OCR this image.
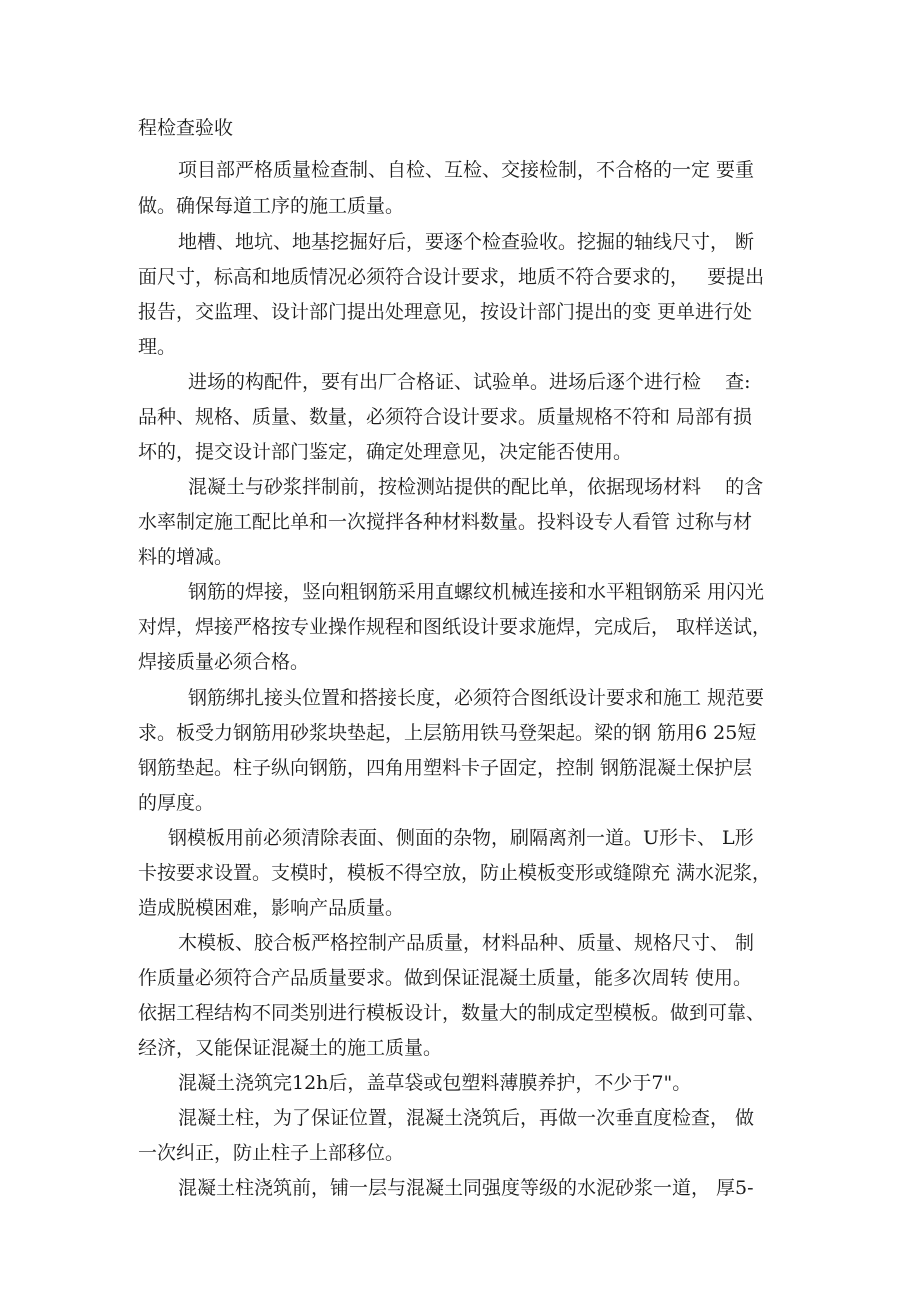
程检查验收
项目部严格质量检查制、自检、互检、交接检制，不合格的一定 要重
做。确保每道工序的施工质量。
地槽、地坑、地基挖掘好后，要逐个检查验收。挖掘的轴线尺寸， 断
面尺寸，标高和地质情况必须符合设计要求，地质不符合要求的，   要提出
报告，交监理、设计部门提出处理意见，按设计部门提出的变 更单进行处
理。
进场的构配件，要有出厂合格证、试验单。进场后逐个进行检    查:
品种、规格、质量、数量，必须符合设计要求。质量规格不符和 局部有损
坏的，提交设计部门鉴定，确定处理意见，决定能否使用。
混凝土与砂浆拌制前，按检测站提供的配比单，依据现场材料    的含
水率制定施工配比单和一次搅拌各种材料数量。投料设专人看管 过称与材
料的增减。
钢筋的焊接，竖向粗钢筋采用直螺纹机械连接和水平粗钢筋采 用闪光
对焊，焊接严格按专业操作规程和图纸设计要求施焊，完成后， 取样送试，
焊接质量必须合格。
钢筋绑扎接头位置和搭接长度，必须符合图纸设计要求和施工 规范要
求。板受力钢筋用砂浆块垫起，上层筋用铁马登架起。梁的钢 筋用6 25短
钢筋垫起。柱子纵向钢筋，四角用塑料卡子固定，控制 钢筋混凝土保护层
的厚度。
钢模板用前必须清除表面、侧面的杂物，刷隔离剂一道。U形卡、 L形
卡按要求设置。支模时，模板不得空放，防止模板变形或缝隙充 满水泥浆，
造成脱模困难，影响产品质量。
木模板、胶合板严格控制产品质量，材料品种、质量、规格尺寸、 制
作质量必须符合产品质量要求。做到保证混凝土质量，能多次周转 使用。
依据工程结构不同类别进行模板设计，数量大的制成定型模板。做到可靠、
经济，又能保证混凝土的施工质量。
混凝土浇筑完12h后，盖草袋或包塑料薄膜养护，不少于7"。
混凝土柱，为了保证位置，混凝土浇筑后，再做一次垂直度检查， 做
一次纠正，防止柱子上部移位。
混凝土柱浇筑前，铺一层与混凝土同强度等级的水泥砂浆一道， 厚5-
